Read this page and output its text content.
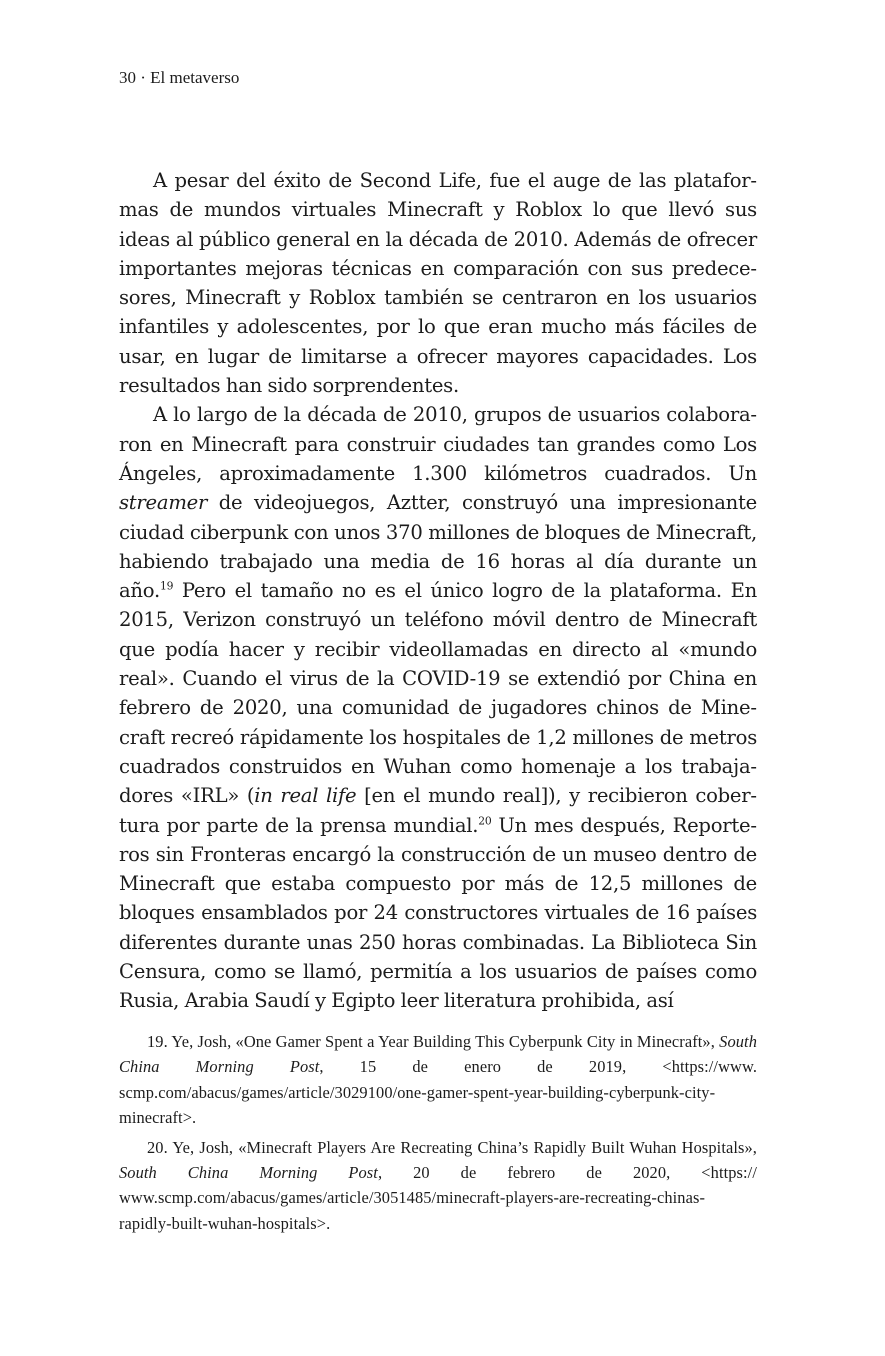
30 · El metaverso

A pesar del éxito de Second Life, fue el auge de las plataformas de mundos virtuales Minecraft y Roblox lo que llevó sus ideas al público general en la década de 2010. Además de ofrecer importantes mejoras técnicas en comparación con sus predecesores, Minecraft y Roblox también se centraron en los usuarios infantiles y adolescentes, por lo que eran mucho más fáciles de usar, en lugar de limitarse a ofrecer mayores capacidades. Los resultados han sido sorprendentes.

A lo largo de la década de 2010, grupos de usuarios colaboraron en Minecraft para construir ciudades tan grandes como Los Ángeles, aproximadamente 1.300 kilómetros cuadrados. Un streamer de videojuegos, Aztter, construyó una impresionante ciudad ciberpunk con unos 370 millones de bloques de Minecraft, habiendo trabajado una media de 16 horas al día durante un año.$^{19}$ Pero el tamaño no es el único logro de la plataforma. En 2015, Verizon construyó un teléfono móvil dentro de Minecraft que podía hacer y recibir videollamadas en directo al «mundo real». Cuando el virus de la COVID-19 se extendió por China en febrero de 2020, una comunidad de jugadores chinos de Minecraft recreó rápidamente los hospitales de 1,2 millones de metros cuadrados construidos en Wuhan como homenaje a los trabajadores «IRL» (in real life [en el mundo real]), y recibieron cobertura por parte de la prensa mundial.$^{20}$ Un mes después, Reporteros sin Fronteras encargó la construcción de un museo dentro de Minecraft que estaba compuesto por más de 12,5 millones de bloques ensamblados por 24 constructores virtuales de 16 países diferentes durante unas 250 horas combinadas. La Biblioteca Sin Censura, como se llamó, permitía a los usuarios de países como Rusia, Arabia Saudí y Egipto leer literatura prohibida, así

19. Ye, Josh, «One Gamer Spent a Year Building This Cyberpunk City in Minecraft», South China Morning Post, 15 de enero de 2019, <https://www.​scmp.com/abacus/games/article/3029100/one-gamer-spent-year-building​-cyberpunk-city-minecraft>.

20. Ye, Josh, «Minecraft Players Are Recreating China’s Rapidly Built Wuhan Hospitals», South China Morning Post, 20 de febrero de 2020, <https://​www.scmp.com/abacus/games/article/3051485/minecraft-players-are​-recreating-chinas-rapidly-built-wuhan-hospitals>.
